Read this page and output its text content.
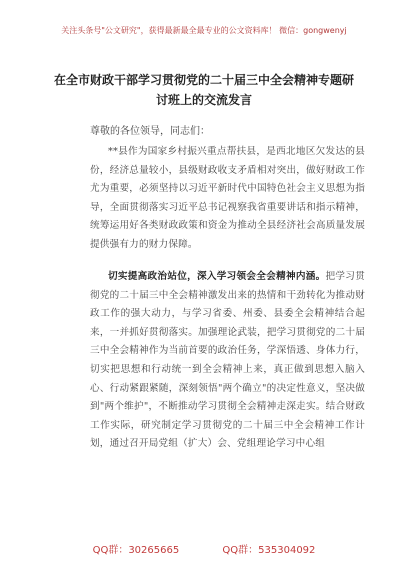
关注头条号"公文研究"，获得最新最全最专业的公文资料库！ 微信：gongwenyj
在全市财政干部学习贯彻党的二十届三中全会精神专题研讨班上的交流发言
尊敬的各位领导，同志们：
**县作为国家乡村振兴重点帮扶县，是西北地区欠发达的县份，经济总量较小，县级财政收支矛盾相对突出，做好财政工作尤为重要，必须坚持以习近平新时代中国特色社会主义思想为指导，全面贯彻落实习近平总书记视察我省重要讲话和指示精神，统筹运用好各类财政政策和资金为推动全县经济社会高质量发展提供强有力的财力保障。
切实提高政治站位，深入学习领会全会精神内涵。把学习贯彻党的二十届三中全会精神激发出来的热情和干劲转化为推动财政工作的强大动力，与学习省委、州委、县委全会精神结合起来，一并抓好贯彻落实。加强理论武装，把学习贯彻党的二十届三中全会精神作为当前首要的政治任务，学深悟透、身体力行，切实把思想和行动统一到全会精神上来，真正做到思想入脑入心、行动紧跟紧随，深刻领悟"两个确立"的决定性意义，坚决做到"两个维护"，不断推动学习贯彻全会精神走深走实。结合财政工作实际，研究制定学习贯彻党的二十届三中全会精神工作计划，通过召开局党组（扩大）会、党组理论学习中心组
QQ群：30265665	QQ群：535304092
